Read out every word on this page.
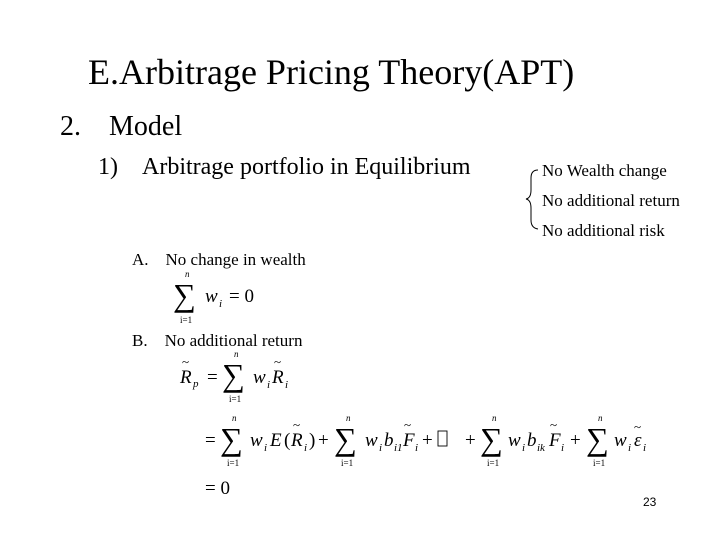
E.Arbitrage Pricing Theory(APT)
2. Model
1) Arbitrage portfolio in Equilibrium	No Wealth change
No additional return
No additional risk
A. No change in wealth
B. No additional return
23
n
∑
i=1
w i = 0
R
~
p =
n
∑
i=1
w i R
~
i
=
n
∑
i=1
w i E ( R
~
i ) +
n
∑
i=1
w i b i1 F
~
i + +
n
∑
i=1
w i b ik F
~
i +
n
∑
i=1
w i ε
~
i
= 0
